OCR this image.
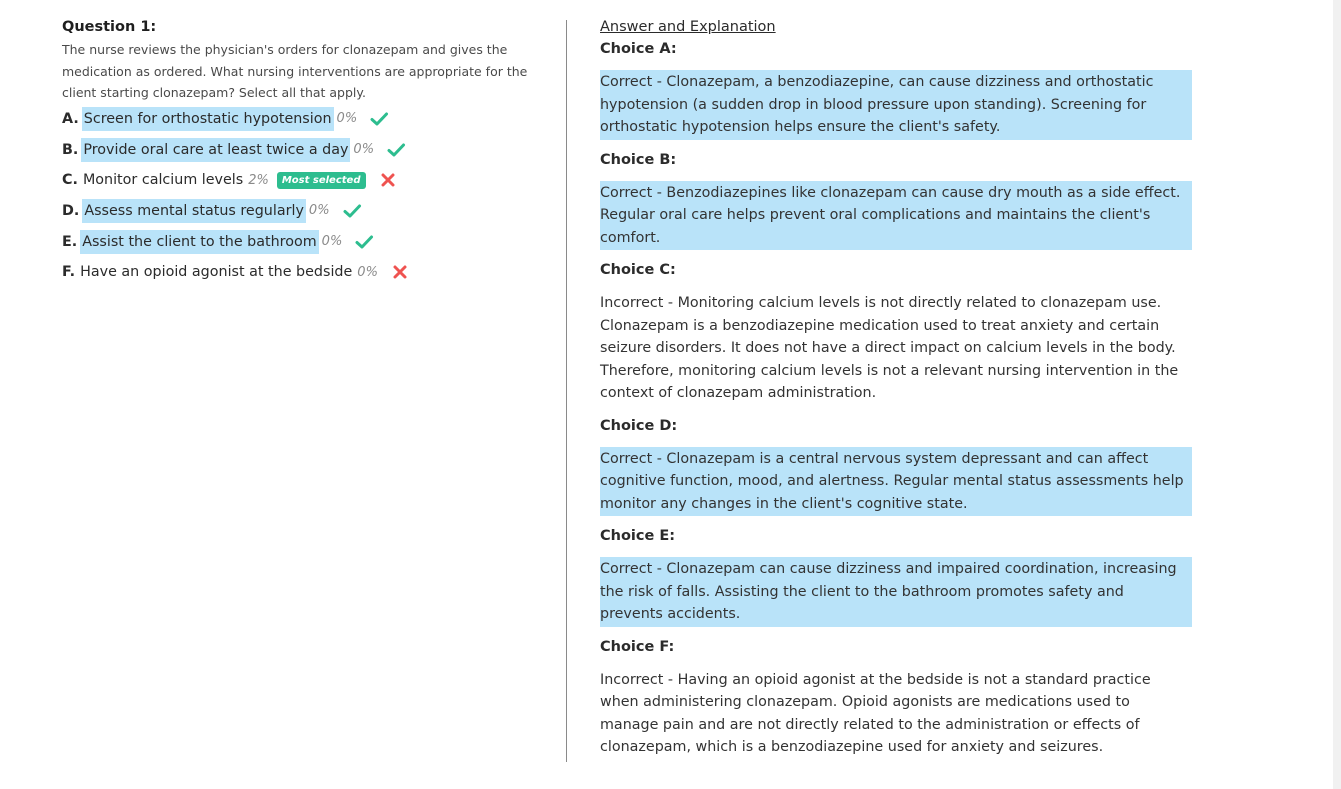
Question 1:
The nurse reviews the physician's orders for clonazepam and gives the medication as ordered. What nursing interventions are appropriate for the client starting clonazepam? Select all that apply.
A. Screen for orthostatic hypotension 0%
B. Provide oral care at least twice a day 0%
C. Monitor calcium levels 2%	Most selected
D. Assess mental status regularly 0%
E. Assist the client to the bathroom 0%
F. Have an opioid agonist at the bedside 0%
Answer and Explanation
Choice A:
Correct - Clonazepam, a benzodiazepine, can cause dizziness and orthostatic hypotension (a sudden drop in blood pressure upon standing). Screening for orthostatic hypotension helps ensure the client's safety.
Choice B:
Correct - Benzodiazepines like clonazepam can cause dry mouth as a side effect. Regular oral care helps prevent oral complications and maintains the client's comfort.
Choice C:
Incorrect - Monitoring calcium levels is not directly related to clonazepam use. Clonazepam is a benzodiazepine medication used to treat anxiety and certain seizure disorders. It does not have a direct impact on calcium levels in the body. Therefore, monitoring calcium levels is not a relevant nursing intervention in the context of clonazepam administration.
Choice D:
Correct - Clonazepam is a central nervous system depressant and can affect cognitive function, mood, and alertness. Regular mental status assessments help monitor any changes in the client's cognitive state.
Choice E:
Correct - Clonazepam can cause dizziness and impaired coordination, increasing the risk of falls. Assisting the client to the bathroom promotes safety and prevents accidents.
Choice F:
Incorrect - Having an opioid agonist at the bedside is not a standard practice when administering clonazepam. Opioid agonists are medications used to manage pain and are not directly related to the administration or effects of clonazepam, which is a benzodiazepine used for anxiety and seizures.
